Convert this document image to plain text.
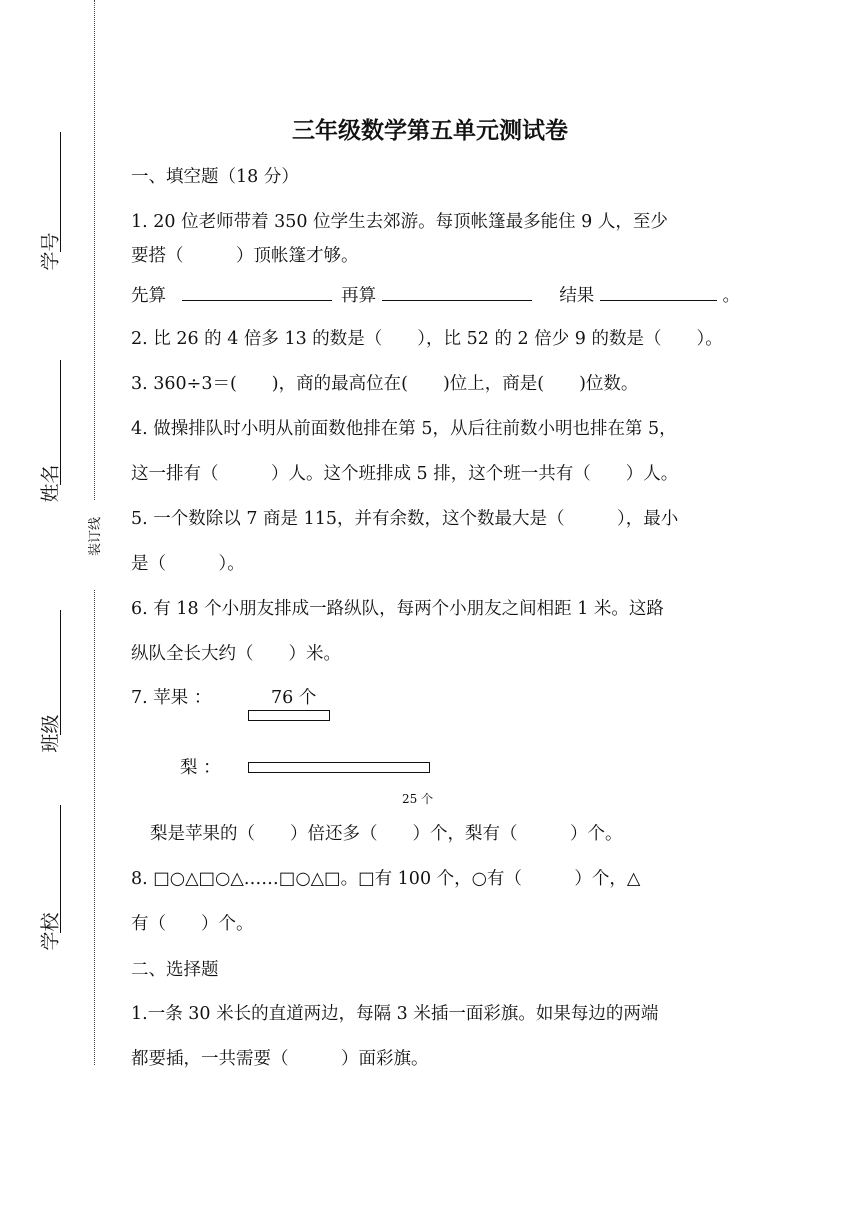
装订线
学号
姓名
班级
学校
三年级数学第五单元测试卷
一、填空题（18 分）
1. 20 位老师带着 350 位学生去郊游。每顶帐篷最多能住 9 人，至少
要搭（　　　）顶帐篷才够。
先算	再算	结果	。
2. 比 26 的 4 倍多 13 的数是（　　），比 52 的 2 倍少 9 的数是（　　）。
3. 360÷3＝(　　)，商的最高位在(　　)位上，商是(　　)位数。
4. 做操排队时小明从前面数他排在第 5，从后往前数小明也排在第 5，
这一排有（　　　）人。这个班排成 5 排，这个班一共有（　　）人。
5. 一个数除以 7 商是 115，并有余数，这个数最大是（　　　），最小
是（　　　）。
6. 有 18 个小朋友排成一路纵队，每两个小朋友之间相距 1 米。这路
纵队全长大约（　　）米。
7. 苹果 ：	76 个
梨 ：
25 个
梨是苹果的（　　）倍还多（　　）个，梨有（　　　）个。
8. □○△□○△……□○△□。□有 100 个，○有（　　　）个，△
有（　　）个。
二、选择题
1.一条 30 米长的直道两边，每隔 3 米插一面彩旗。如果每边的两端
都要插，一共需要（　　　）面彩旗。
